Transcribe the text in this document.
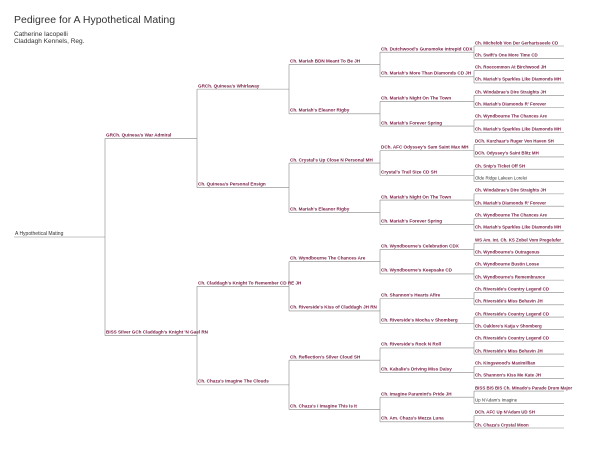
Pedigree for A Hypothetical Mating
Catherine Iacopelli
Claddagh Kennels, Reg.
A Hypothetical Mating
Ch. Michelob Von Der Gerhartsseele CD
Ch. Swift's One More Time CD
Ch. Dutchwood's Gunsmoke Intrepid CDX
Ch. Roecommon At Birchwood JH
Ch. Mariah's Sparkles Like Diamonds MH
Ch. Mariah's More Than Diamonds CD JH
Ch. Mariah BDN Meant To Be JH
Ch. Windabrae's Dire Straights JH
Ch. Mariah's Diamonds R' Forever
Ch. Mariah's Night On The Town
Ch. Wyndbourne The Chances Are
Ch. Mariah's Sparkles Like Diamonds MH
Ch. Mariah's Forever Spring
Ch. Mariah's Eleanor Rigby
GRCh. Quinesa's Whirlaway
DCh. Kurzhaar's Ruger Von Haven SH
DCh. Odyssey's Saint Blitz MH
DCh. AFC Odyssey's Sam Saint Max MH
Ch. Snip's Ticket Off SH
Olde Ridge Lakeen Lorelei
Crystal's Trail Size CD SH
Ch. Crystal's Up Close N Personal MH
Ch. Windabrae's Dire Straights JH
Ch. Mariah's Diamonds R' Forever
Ch. Mariah's Night On The Town
Ch. Wyndbourne The Chances Are
Ch. Mariah's Sparkles Like Diamonds MH
Ch. Mariah's Forever Spring
Ch. Mariah's Eleanor Rigby
Ch. Quinesa's Personal Ensign
GRCh. Quinesa's War Admiral
WS Am. Int. Ch. KS Zobel Vom Pregelufer
Ch. Wyndbourne's Outrageous
Ch. Wyndbourne's Celebration CDX
Ch. Wyndbourne Bustin Loose
Ch. Wyndbourne's Remembrance
Ch. Wyndbourne's Keepsake CD
Ch. Wyndbourne The Chances Are
Ch. Riverside's Country Legend CD
Ch. Riverside's Miss Behavin JH
Ch. Shannon's Hearts Afire
Ch. Riverside's Country Legend CD
Ch. Oaklore's Katja v Shomberg
Ch. Riverside's Mocha v Shomberg
Ch. Riverside's Kiss of Claddagh JH RN
Ch. Claddagh's Knight To Remember CD RE JH
Ch. Riverside's Country Legend CD
Ch. Riverside's Miss Behavin JH
Ch. Riverside's Rock N Roll
Ch. Kingswood's Maximillian
Ch. Shannon's Kiss Me Kate JH
Ch. Kabalie's Driving Miss Daisy
Ch. Reflection's Silver Cloud SH
BISS BIS BIS Ch. Minado's Parade Drum Major
Up N'Adam's Imagine
Ch. Imagine Paramint's Pride JH
DCh. AFC Up N'Adam UD SH
Ch. Chaza's Crystal Moon
Ch. Am. Chaza's Mezza Luna
Ch. Chaza's I Imagine This Is It
Ch. Chaza's Imagine The Clouds
BISS Silver GCh Claddagh's Knight 'N Gael RN
